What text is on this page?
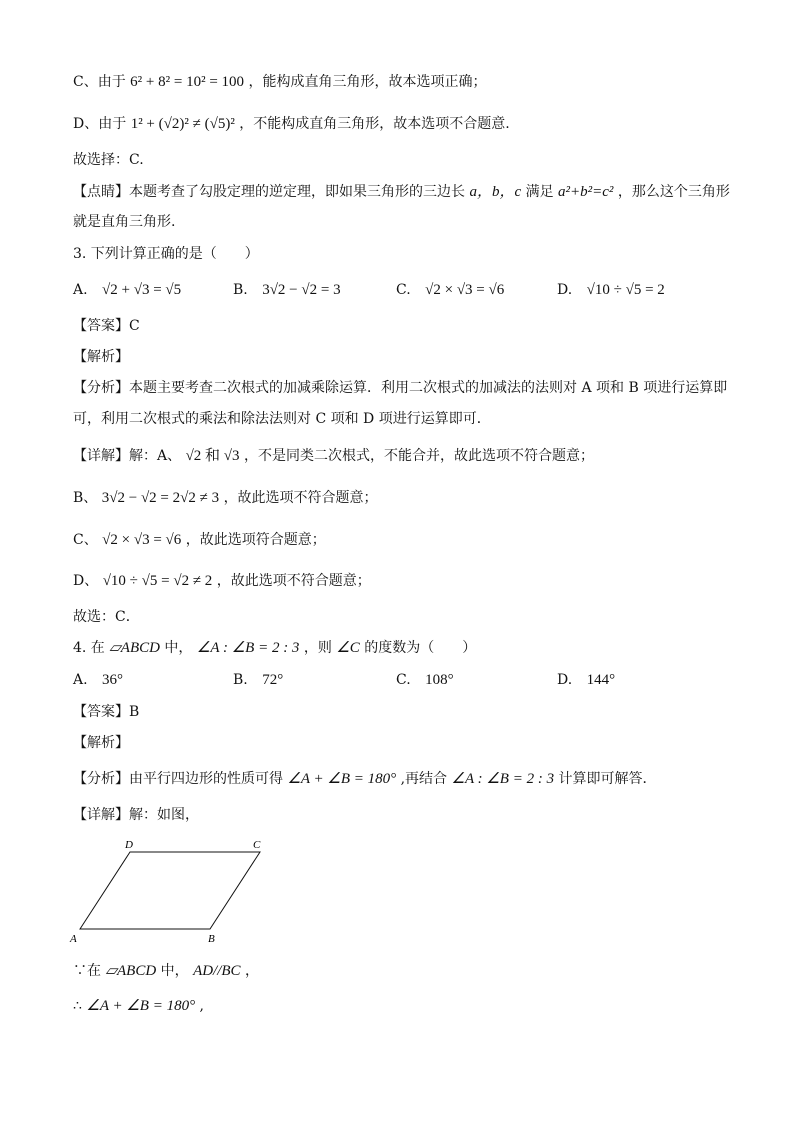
C、由于 6² + 8² = 10² = 100 ，能构成直角三角形，故本选项正确；
D、由于 1² + (√2)² ≠ (√5)² ，不能构成直角三角形，故本选项不合题意.
故选择：C.
【点睛】本题考查了勾股定理的逆定理，即如果三角形的三边长 a，b，c 满足 a²+b²=c² ，那么这个三角形
就是直角三角形.
3. 下列计算正确的是（　　）
A. √2 + √3 = √5	B. 3√2 − √2 = 3	C. √2 × √3 = √6	D. √10 ÷ √5 = 2
【答案】C
【解析】
【分析】本题主要考查二次根式的加减乘除运算．利用二次根式的加减法的法则对 A 项和 B 项进行运算即
可，利用二次根式的乘法和除法法则对 C 项和 D 项进行运算即可．
【详解】解：A、 √2 和 √3 ，不是同类二次根式，不能合并，故此选项不符合题意；
B、 3√2 − √2 = 2√2 ≠ 3 ，故此选项不符合题意；
C、 √2 × √3 = √6 ，故此选项符合题意；
D、 √10 ÷ √5 = √2 ≠ 2 ，故此选项不符合题意；
故选：C．
4. 在 ▱ABCD 中， ∠A : ∠B = 2 : 3 ，则 ∠C 的度数为（　　）
A. 36°	B. 72°	C. 108°	D. 144°
【答案】B
【解析】
【分析】由平行四边形的性质可得 ∠A + ∠B = 180° ,再结合 ∠A : ∠B = 2 : 3 计算即可解答．
【详解】解：如图，
A	B
C
D
∵在 ▱ABCD 中， AD//BC ，
∴ ∠A + ∠B = 180° ,
